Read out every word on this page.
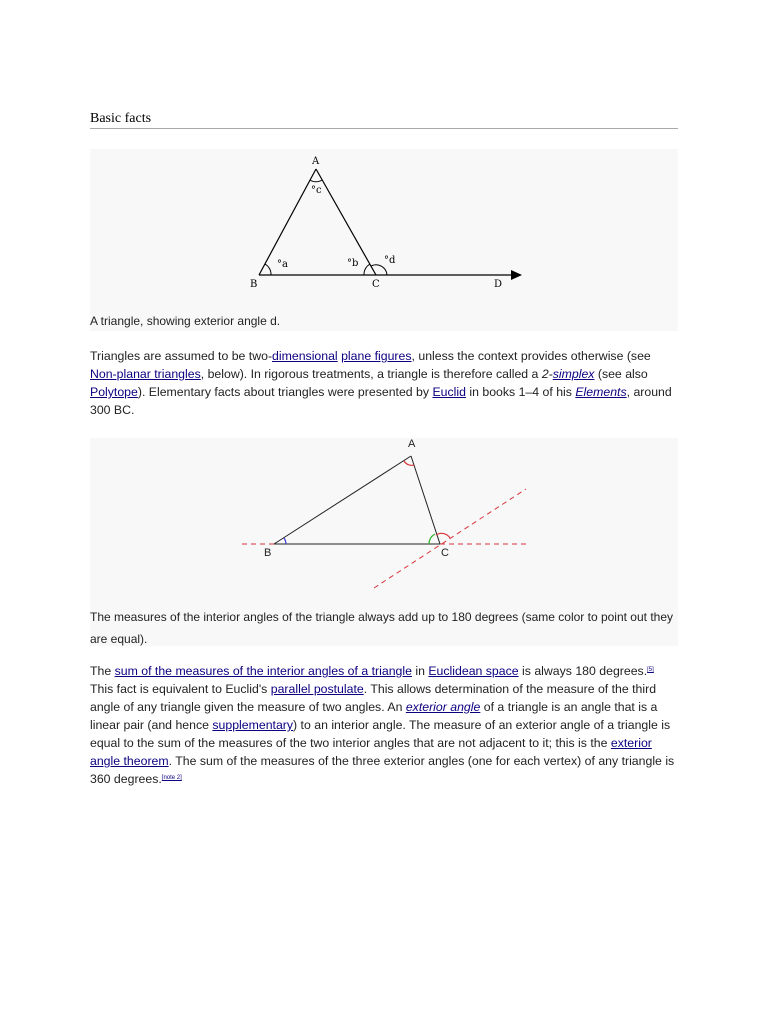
Basic facts
A
B	C	D
°a
°c
°b	°d
A triangle, showing exterior angle d.
Triangles are assumed to be two-dimensional plane figures, unless the context provides otherwise (see Non-planar triangles, below). In rigorous treatments, a triangle is therefore called a 2-simplex (see also Polytope). Elementary facts about triangles were presented by Euclid in books 1–4 of his Elements, around 300 BC.
A
B	C
The measures of the interior angles of the triangle always add up to 180 degrees (same color to point out they are equal).
The sum of the measures of the interior angles of a triangle in Euclidean space is always 180 degrees.[5] This fact is equivalent to Euclid's parallel postulate. This allows determination of the measure of the third angle of any triangle given the measure of two angles. An exterior angle of a triangle is an angle that is a linear pair (and hence supplementary) to an interior angle. The measure of an exterior angle of a triangle is equal to the sum of the measures of the two interior angles that are not adjacent to it; this is the exterior angle theorem. The sum of the measures of the three exterior angles (one for each vertex) of any triangle is 360 degrees.[note 2]
